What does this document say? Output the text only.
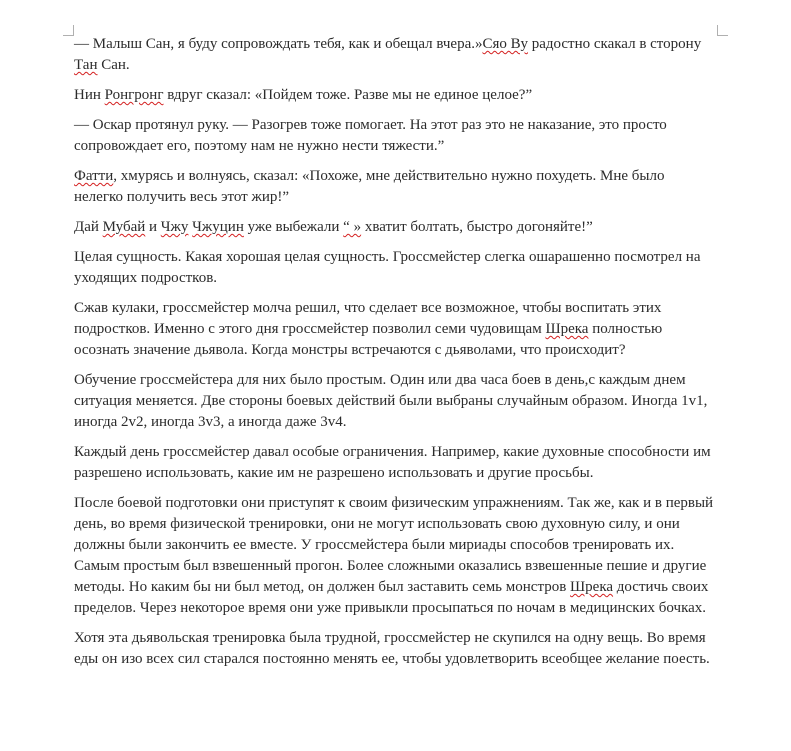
— Малыш Сан, я буду сопровождать тебя, как и обещал вчера.»Сяо Ву радостно скакал в сторону Тан Сан.

Нин Ронгронг вдруг сказал: «Пойдем тоже. Разве мы не единое целое?”

— Оскар протянул руку. — Разогрев тоже помогает. На этот раз это не наказание, это просто сопровождает его, поэтому нам не нужно нести тяжести.”

Фатти, хмурясь и волнуясь, сказал: «Похоже, мне действительно нужно похудеть. Мне было нелегко получить весь этот жир!”

Дай Мубай и Чжу Чжуцин уже выбежали “ » хватит болтать, быстро догоняйте!”

Целая сущность. Какая хорошая целая сущность. Гроссмейстер слегка ошарашенно посмотрел на уходящих подростков.

Сжав кулаки, гроссмейстер молча решил, что сделает все возможное, чтобы воспитать этих подростков. Именно с этого дня гроссмейстер позволил семи чудовищам Шрека полностью осознать значение дьявола. Когда монстры встречаются с дьяволами, что происходит?

Обучение гроссмейстера для них было простым. Один или два часа боев в день,с каждым днем ситуация меняется. Две стороны боевых действий были выбраны случайным образом. Иногда 1v1, иногда 2v2, иногда 3v3, а иногда даже 3v4.

Каждый день гроссмейстер давал особые ограничения. Например, какие духовные способности им разрешено использовать, какие им не разрешено использовать и другие просьбы.

После боевой подготовки они приступят к своим физическим упражнениям. Так же, как и в первый день, во время физической тренировки, они не могут использовать свою духовную силу, и они должны были закончить ее вместе. У гроссмейстера были мириады способов тренировать их. Самым простым был взвешенный прогон. Более сложными оказались взвешенные пешие и другие методы. Но каким бы ни был метод, он должен был заставить семь монстров Шрека достичь своих пределов. Через некоторое время они уже привыкли просыпаться по ночам в медицинских бочках.

Хотя эта дьявольская тренировка была трудной, гроссмейстер не скупился на одну вещь. Во время еды он изо всех сил старался постоянно менять ее, чтобы удовлетворить всеобщее желание поесть.
